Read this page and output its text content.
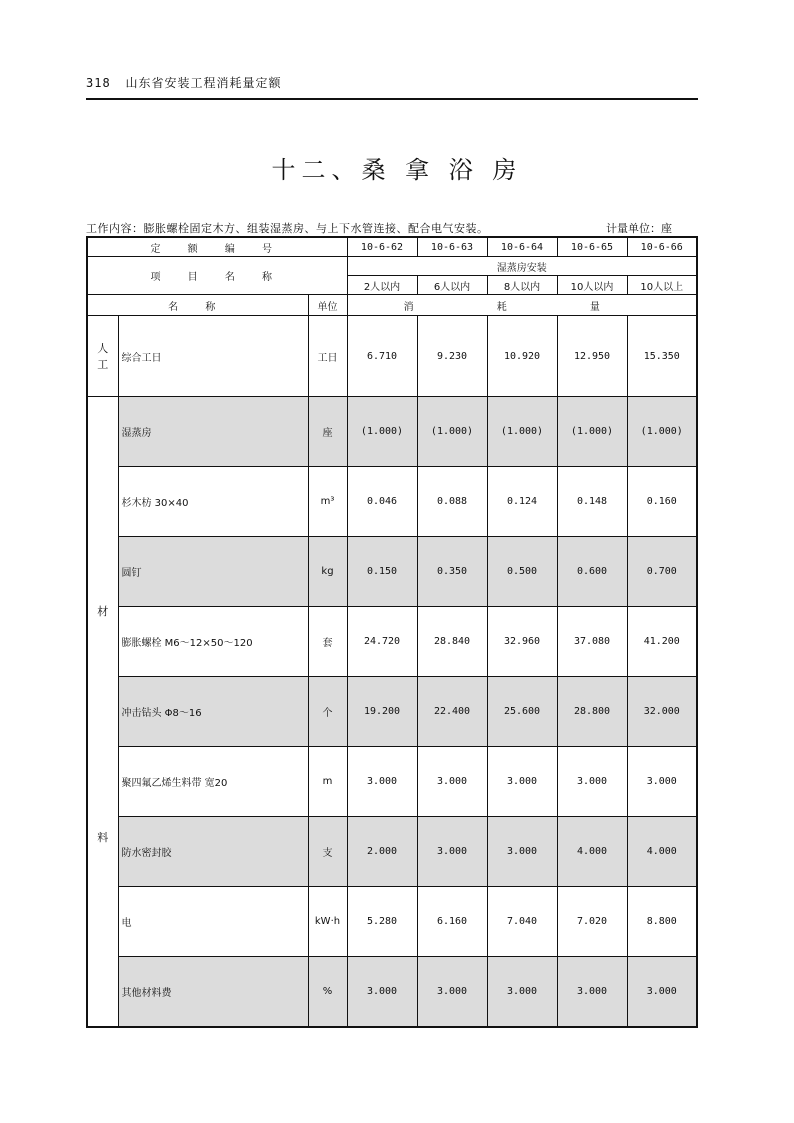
318 山东省安装工程消耗量定额
十二、桑 拿 浴 房
工作内容：膨胀螺栓固定木方、组装湿蒸房、与上下水管连接、配合电气安装。	计量单位：座
定 额 编 号			10-6-62	10-6-63	10-6-64	10-6-65	10-6-66
项 目 名 称			湿蒸房安装				
			2人以内	6人以内	8人以内	10人以内	10人以上
名 称		单位	消 耗 量				
人
工	综合工日	工日	6.710	9.230	10.920	12.950	15.350

材
料	湿蒸房	座	(1.000)	(1.000)	(1.000)	(1.000)	(1.000)
	杉木枋 30×40	m³	0.046	0.088	0.124	0.148	0.160
	圆钉	kg	0.150	0.350	0.500	0.600	0.700
	膨胀螺栓 M6～12×50～120	套	24.720	28.840	32.960	37.080	41.200
	冲击钻头 Φ8～16	个	19.200	22.400	25.600	28.800	32.000
	聚四氟乙烯生料带 宽20	m	3.000	3.000	3.000	3.000	3.000
	防水密封胶	支	2.000	3.000	3.000	4.000	4.000
	电	kW·h	5.280	6.160	7.040	7.020	8.800
	其他材料费	%	3.000	3.000	3.000	3.000	3.000
